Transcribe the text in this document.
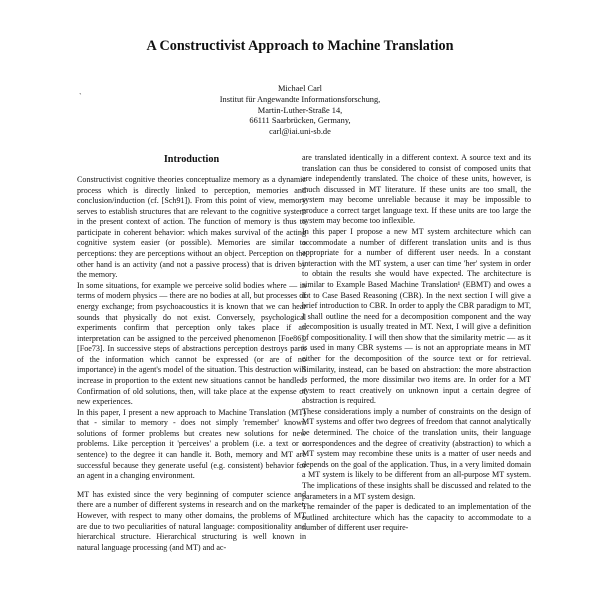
A Constructivist Approach to Machine Translation
`
Michael Carl
Institut für Angewandte Informationsforschung,
Martin-Luther-Straße 14,
66111 Saarbrücken, Germany,
carl@iai.uni-sb.de
Introduction

Constructivist cognitive theories conceptualize memory as a dynamic process which is directly linked to perception, memories and conclusion/induction (cf. [Sch91]). From this point of view, memory serves to establish structures that are relevant to the cognitive system in the present context of action. The function of memory is thus to participate in coherent behavior: which makes survival of the acting cognitive system easier (or possible). Memories are similar to perceptions: they are perceptions without an object. Perception on the other hand is an activity (and not a passive process) that is driven by the memory.

In some situations, for example we perceive solid bodies where — in terms of modern physics — there are no bodies at all, but processes of energy exchange; from psychoacoustics it is known that we can hear sounds that physically do not exist. Conversely, psychological experiments confirm that perception only takes place if an interpretation can be assigned to the perceived phenomenon [Foe86], [Foe73]. In successive steps of abstractions perception destroys parts of the information which cannot be expressed (or are of no importance) in the agent's model of the situation. This destruction will increase in proportion to the extent new situations cannot be handled. Confirmation of old solutions, then, will take place at the expense of new experiences.

In this paper, I present a new approach to Machine Translation (MT) that - similar to memory - does not simply 'remember' known solutions of former problems but creates new solutions for new problems. Like perception it 'perceives' a problem (i.e. a text or a sentence) to the degree it can handle it. Both, memory and MT are successful because they generate useful (e.g. consistent) behavior for an agent in a changing environment.

MT has existed since the very beginning of computer science and there are a number of different systems in research and on the market. However, with respect to many other domains, the problems of MT are due to two peculiarities of natural language: compositionality and hierarchical structure. Hierarchical structuring is well known in natural language processing (and MT) and ac-

are translated identically in a different context. A source text and its translation can thus be considered to consist of composed units that are independently translated. The choice of these units, however, is much discussed in MT literature. If these units are too small, the system may become unreliable because it may be impossible to produce a correct target language text. If these units are too large the system may become too inflexible.

In this paper I propose a new MT system architecture which can accommodate a number of different translation units and is thus appropriate for a number of different user needs. In a constant interaction with the MT system, a user can time 'her' system in order to obtain the results she would have expected. The architecture is similar to Example Based Machine Translation¹ (EBMT) and owes a lot to Case Based Reasoning (CBR). In the next section I will give a brief introduction to CBR. In order to apply the CBR paradigm to MT, I shall outline the need for a decomposition component and the way decomposition is usually treated in MT. Next, I will give a definition of compositionality. I will then show that the similarity metric — as it is used in many CBR systems — is not an appropriate means in MT either for the decomposition of the source text or for retrieval. Similarity, instead, can be based on abstraction: the more abstraction is performed, the more dissimilar two items are. In order for a MT system to react creatively on unknown input a certain degree of abstraction is required.

These considerations imply a number of constraints on the design of MT systems and offer two degrees of freedom that cannot analytically be determined. The choice of the translation units, their language correspondences and the degree of creativity (abstraction) to which a MT system may recombine these units is a matter of user needs and depends on the goal of the application. Thus, in a very limited domain a MT system is likely to be different from an all-purpose MT system. The implications of these insights shall be discussed and related to the parameters in a MT system design.

The remainder of the paper is dedicated to an implementation of the outlined architecture which has the capacity to accommodate to a number of different user require-
